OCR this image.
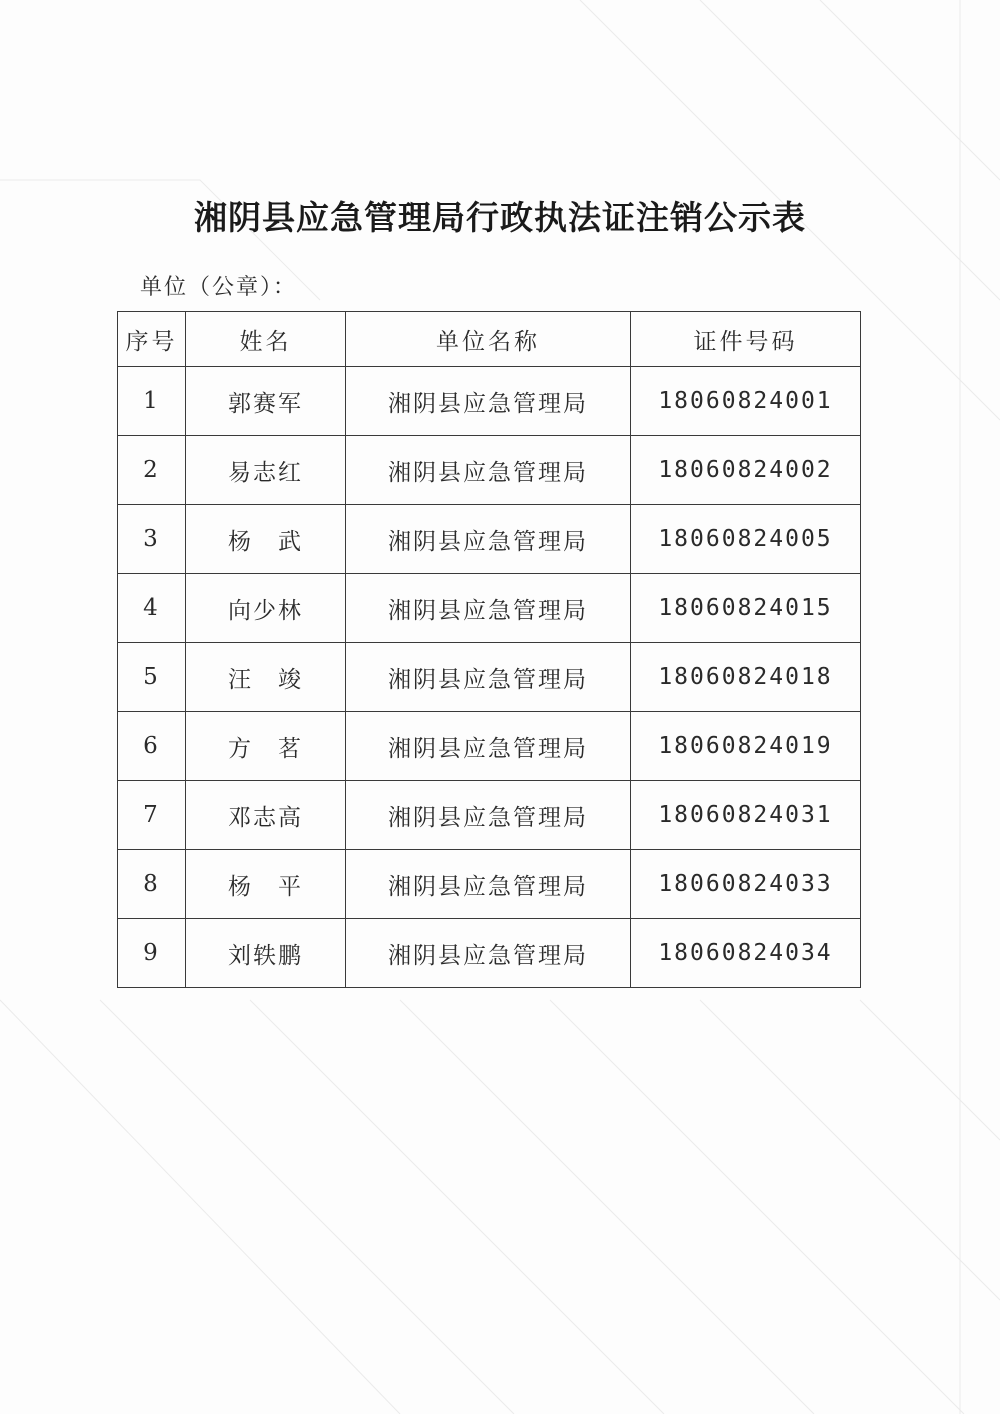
湘阴县应急管理局行政执法证注销公示表
单位（公章）：
序号	姓名	单位名称	证件号码
1	郭赛军	湘阴县应急管理局	18060824001
2	易志红	湘阴县应急管理局	18060824002
3	杨　武	湘阴县应急管理局	18060824005
4	向少林	湘阴县应急管理局	18060824015
5	汪　竣	湘阴县应急管理局	18060824018
6	方　茗	湘阴县应急管理局	18060824019
7	邓志高	湘阴县应急管理局	18060824031
8	杨　平	湘阴县应急管理局	18060824033
9	刘轶鹏	湘阴县应急管理局	18060824034
